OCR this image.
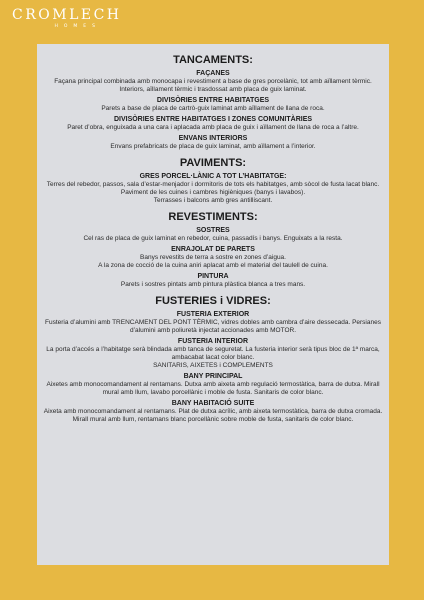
CROMLECH
HOMES
TANCAMENTS:
FAÇANES
Façana principal combinada amb monocapa i revestiment a base de gres porcelànic, tot amb aïllament tèrmic. Interiors, aïllament tèrmic i trasdossat amb placa de guix laminat.
DIVISÒRIES ENTRE HABITATGES
Parets a base de placa de cartrò-guix laminat amb aïllament de llana de roca.
DIVISÒRIES ENTRE HABITATGES I ZONES COMUNITÀRIES
Paret d’obra, enguixada a una cara i aplacada amb placa de guix i aïllament de llana de roca a l’altre.
ENVANS INTERIORS
Envans prefabricats de placa de guix laminat, amb aïllament a l’interior.
PAVIMENTS:
GRES PORCEL·LÀNIC A TOT L’HABITATGE:
Terres del rebedor, passos, sala d’estar-menjador i dormitoris de tots els habitatges, amb sòcol de fusta lacat blanc. Paviment de les cuines i cambres higièniques (banys i lavabos).
Terrasses i balcons amb gres antilliscant.
REVESTIMENTS:
SOSTRES
Cel ras de placa de guix laminat en rebedor, cuina, passadís i banys. Enguixats a la resta.
ENRAJOLAT DE PARETS
Banys revestits de terra a sostre en zones d’aigua.
A la zona de cocció de la cuina aniri aplacat amb el material del taulell de cuina.
PINTURA
Parets i sostres pintats amb pintura plàstica blanca a tres mans.
FUSTERIES i VIDRES:
FUSTERIA EXTERIOR
Fusteria d’alumini amb TRENCAMENT DEL PONT TÈRMIC, vidres dobles amb cambra d’aire dessecada. Persianes d’alumini amb poliuretà injectat accionades amb MOTOR.
FUSTERIA INTERIOR
La porta d’accés a l’habitatge serà blindada amb tanca de seguretat. La fusteria interior serà tipus bloc de 1ª marca, ambacabat lacat color blanc.
SANITARIS, AIXETES i COMPLEMENTS
BANY PRINCIPAL
Aixetes amb monocomandament al rentamans. Dutxa amb aixeta amb regulació termostàtica, barra de dutxa. Mirall mural amb llum, lavabo porcellànic i moble de fusta. Sanitaris de color blanc.
BANY HABITACIÓ SUITE
Aixeta amb monocomandament al rentamans. Plat de dutxa acrílic, amb aixeta termostàtica, barra de dutxa cromada. Mirall mural amb llum, rentamans blanc porcellànic sobre moble de fusta, sanitaris de color blanc.
